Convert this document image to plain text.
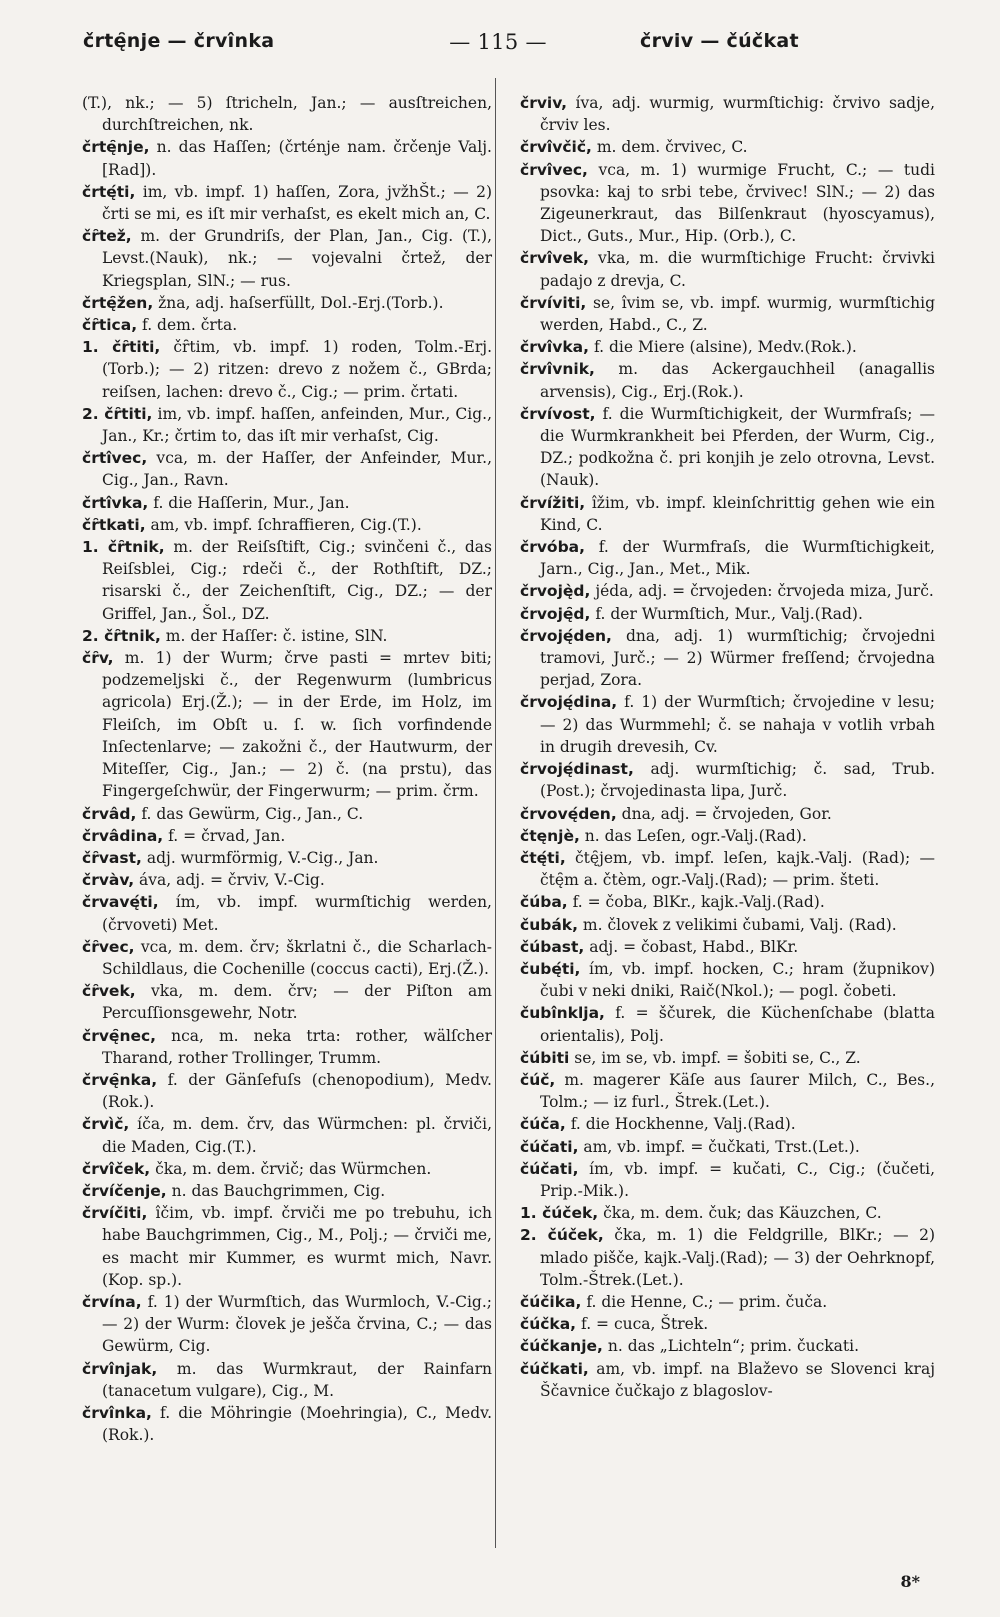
črtę̑nje — črvînka	— 115 —	črviv — čúčkat
(T.), nk.; — 5) ſtricheln, Jan.; — ausſtreichen, durchſtreichen, nk.
črtę̑nje, n. das Haſſen; (črténje nam. črčenje Valj. [Rad]).
črtę́ti, im, vb. impf. 1) haſſen, Zora, jvžhŠt.; — 2) črti se mi, es iſt mir verhaſst, es ekelt mich an, C.
čȓtež, m. der Grundriſs, der Plan, Jan., Cig. (T.), Levst.(Nauk), nk.; — vojevalni črtež, der Kriegsplan, SlN.; — rus.
črtę̑žen, žna, adj. haſserfüllt, Dol.-Erj.(Torb.).
čȓtica, f. dem. črta.
1. čȓtiti, čȓtim, vb. impf. 1) roden, Tolm.-Erj. (Torb.); — 2) ritzen: drevo z nožem č., GBrda; reiſsen, lachen: drevo č., Cig.; — prim. črtati.
2. čȓtiti, im, vb. impf. haſſen, anfeinden, Mur., Cig., Jan., Kr.; črtim to, das iſt mir verhaſst, Cig.
črtîvec, vca, m. der Haſſer, der Anfeinder, Mur., Cig., Jan., Ravn.
črtîvka, f. die Haſſerin, Mur., Jan.
čȓtkati, am, vb. impf. ſchraffieren, Cig.(T.).
1. čȓtnik, m. der Reiſsſtift, Cig.; svinčeni č., das Reiſsblei, Cig.; rdeči č., der Rothſtift, DZ.; risarski č., der Zeichenſtift, Cig., DZ.; — der Griffel, Jan., Šol., DZ.
2. čȓtnik, m. der Haſſer: č. istine, SlN.
čȓv, m. 1) der Wurm; črve pasti = mrtev biti; podzemeljski č., der Regenwurm (lumbricus agricola) Erj.(Ž.); — in der Erde, im Holz, im Fleiſch, im Obſt u. ſ. w. ſich vorfindende Inſectenlarve; — zakožni č., der Hautwurm, der Miteſſer, Cig., Jan.; — 2) č. (na prstu), das Fingergeſchwür, der Fingerwurm; — prim. črm.
črvâd, f. das Gewürm, Cig., Jan., C.
črvâdina, f. = črvad, Jan.
čȓvast, adj. wurmförmig, V.-Cig., Jan.
črvàv, áva, adj. = črviv, V.-Cig.
črvavę́ti, ím, vb. impf. wurmſtichig werden, (črvoveti) Met.
čȓvec, vca, m. dem. črv; škrlatni č., die Scharlach-Schildlaus, die Cochenille (coccus cacti), Erj.(Ž.).
čȓvek, vka, m. dem. črv; — der Piſton am Percuſſionsgewehr, Notr.
črvę̑nec, nca, m. neka trta: rother, wälſcher Tharand, rother Trollinger, Trumm.
črvę̑nka, f. der Gänſefuſs (chenopodium), Medv.(Rok.).
črvìč, íča, m. dem. črv, das Würmchen: pl. črviči, die Maden, Cig.(T.).
črvîček, čka, m. dem. črvič; das Würmchen.
črvíčenje, n. das Bauchgrimmen, Cig.
črvíčiti, îčim, vb. impf. črviči me po trebuhu, ich habe Bauchgrimmen, Cig., M., Polj.; — črviči me, es macht mir Kummer, es wurmt mich, Navr.(Kop. sp.).
črvína, f. 1) der Wurmſtich, das Wurmloch, V.-Cig.; — 2) der Wurm: človek je ješča črvina, C.; — das Gewürm, Cig.
črvînjak, m. das Wurmkraut, der Rainfarn (tanacetum vulgare), Cig., M.
črvînka, f. die Möhringie (Moehringia), C., Medv.(Rok.).
črviv, íva, adj. wurmig, wurmſtichig: črvivo sadje, črviv les.
črvîvčič, m. dem. črvivec, C.
črvîvec, vca, m. 1) wurmige Frucht, C.; — tudi psovka: kaj to srbi tebe, črvivec! SlN.; — 2) das Zigeunerkraut, das Bilſenkraut (hyoscyamus), Dict., Guts., Mur., Hip. (Orb.), C.
črvîvek, vka, m. die wurmſtichige Frucht: črvivki padajo z drevja, C.
črvíviti, se, îvim se, vb. impf. wurmig, wurmſtichig werden, Habd., C., Z.
črvîvka, f. die Miere (alsine), Medv.(Rok.).
črvîvnik, m. das Ackergauchheil (anagallis arvensis), Cig., Erj.(Rok.).
črvívost, f. die Wurmſtichigkeit, der Wurmfraſs; — die Wurmkrankheit bei Pferden, der Wurm, Cig., DZ.; podkožna č. pri konjih je zelo otrovna, Levst.(Nauk).
črvížiti, îžim, vb. impf. kleinſchrittig gehen wie ein Kind, C.
črvóba, f. der Wurmfraſs, die Wurmſtichigkeit, Jarn., Cig., Jan., Met., Mik.
črvoję̀d, jéda, adj. = črvojeden: črvojeda miza, Jurč.
črvoję̑d, f. der Wurmſtich, Mur., Valj.(Rad).
črvoję́den, dna, adj. 1) wurmſtichig; črvojedni tramovi, Jurč.; — 2) Würmer freſſend; črvojedna perjad, Zora.
črvoję́dina, f. 1) der Wurmſtich; črvojedine v lesu; — 2) das Wurmmehl; č. se nahaja v votlih vrbah in drugih drevesih, Cv.
črvoję́dinast, adj. wurmſtichig; č. sad, Trub. (Post.); črvojedinasta lipa, Jurč.
črvovę́den, dna, adj. = črvojeden, Gor.
čtęnjè, n. das Leſen, ogr.-Valj.(Rad).
čtę́ti, čtę̑jem, vb. impf. leſen, kajk.-Valj. (Rad); — čtę̑m a. čtèm, ogr.-Valj.(Rad); — prim. šteti.
čúba, f. = čoba, BlKr., kajk.-Valj.(Rad).
čubák, m. človek z velikimi čubami, Valj. (Rad).
čúbast, adj. = čobast, Habd., BlKr.
čubę́ti, ím, vb. impf. hocken, C.; hram (župnikov) čubi v neki dniki, Raič(Nkol.); — pogl. čobeti.
čubînklja, f. = ščurek, die Küchenſchabe (blatta orientalis), Polj.
čúbiti se, im se, vb. impf. = šobiti se, C., Z.
čúč, m. magerer Käſe aus ſaurer Milch, C., Bes., Tolm.; — iz furl., Štrek.(Let.).
čúča, f. die Hockhenne, Valj.(Rad).
čúčati, am, vb. impf. = čučkati, Trst.(Let.).
čúčati, ím, vb. impf. = kučati, C., Cig.; (čučeti, Prip.-Mik.).
1. čúček, čka, m. dem. čuk; das Käuzchen, C.
2. čúček, čka, m. 1) die Feldgrille, BlKr.; — 2) mlado pišče, kajk.-Valj.(Rad); — 3) der Oehrknopf, Tolm.-Štrek.(Let.).
čúčika, f. die Henne, C.; — prim. čuča.
čúčka, f. = cuca, Štrek.
čúčkanje, n. das „Lichteln“; prim. čuckati.
čúčkati, am, vb. impf. na Blaževo se Slovenci kraj Ščavnice čučkajo z blagoslov-
8*
